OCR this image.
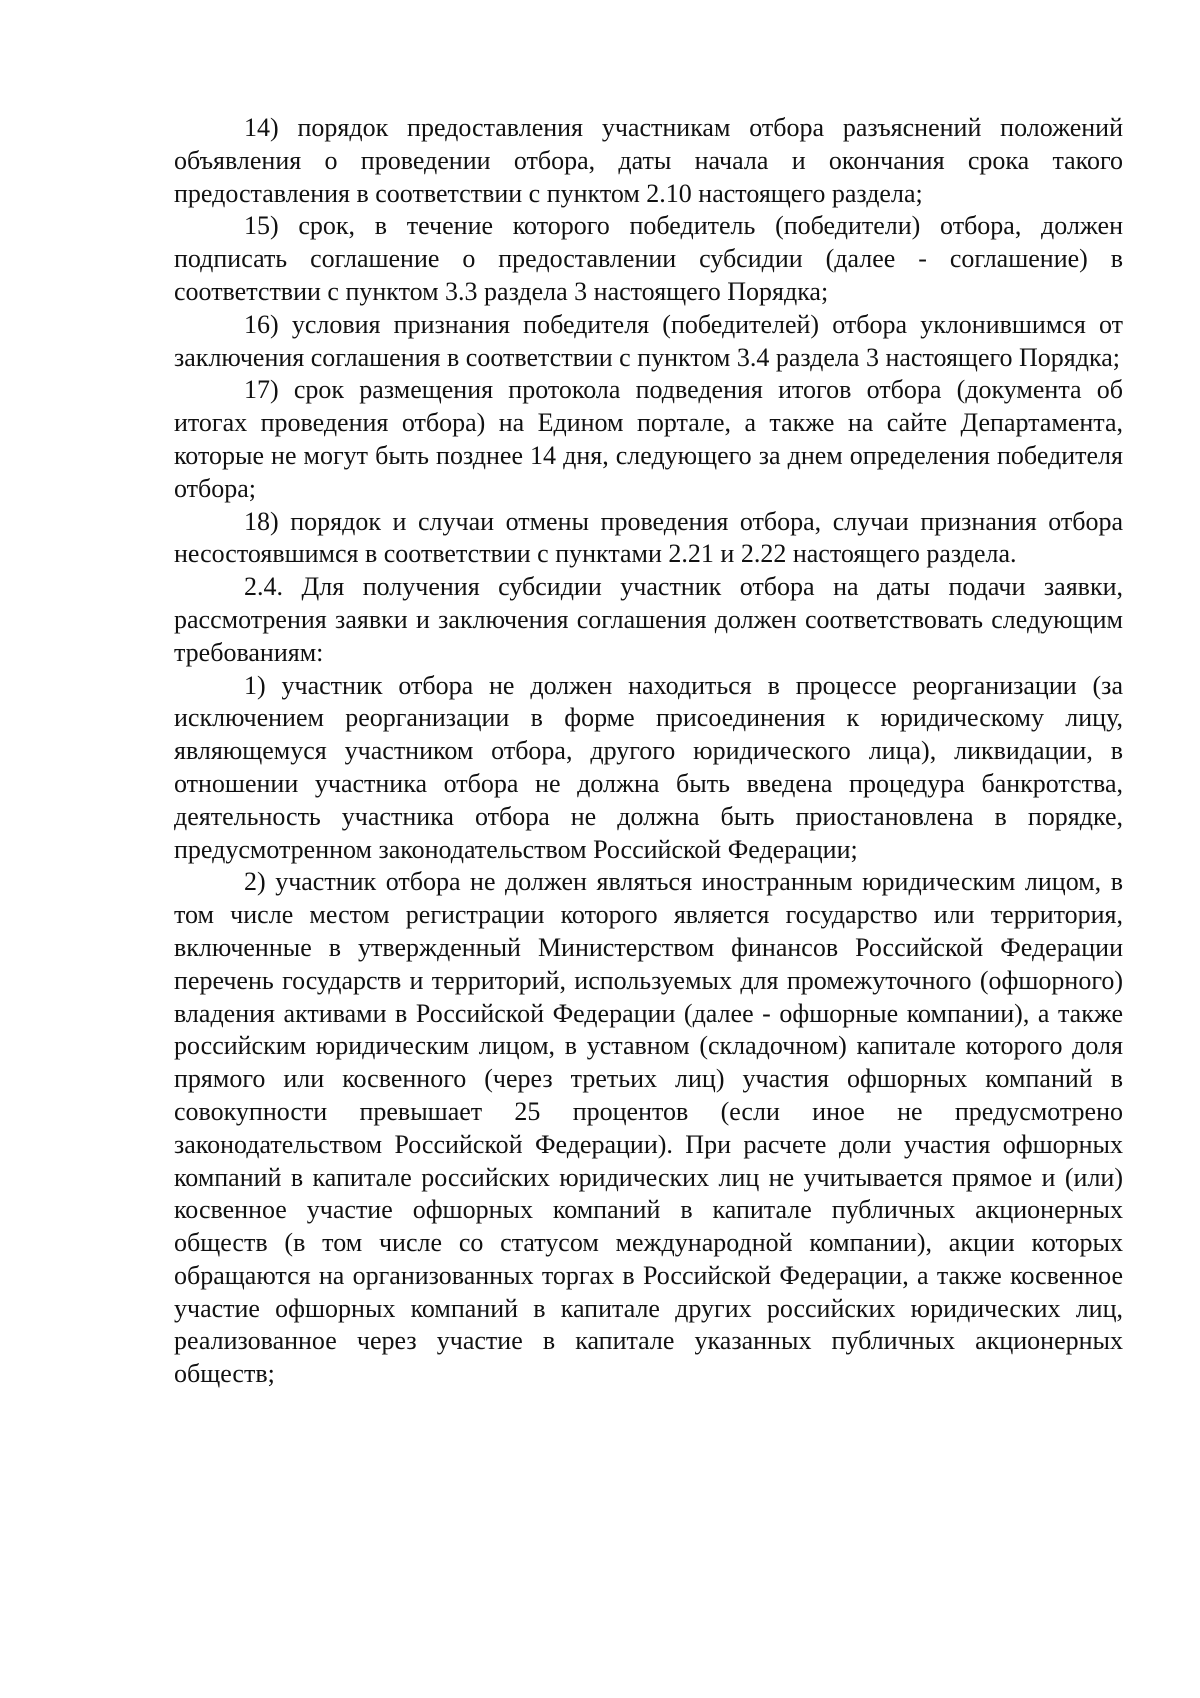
14) порядок предоставления участникам отбора разъяснений положений объявления о проведении отбора, даты начала и окончания срока такого предоставления в соответствии с пунктом 2.10 настоящего раздела;

15) срок, в течение которого победитель (победители) отбора, должен подписать соглашение о предоставлении субсидии (далее - соглашение) в соответствии с пунктом 3.3 раздела 3 настоящего Порядка;

16) условия признания победителя (победителей) отбора уклонившимся от заключения соглашения в соответствии с пунктом 3.4 раздела 3 настоящего Порядка;

17) срок размещения протокола подведения итогов отбора (документа об итогах проведения отбора) на Едином портале, а также на сайте Департамента, которые не могут быть позднее 14 дня, следующего за днем определения победителя отбора;

18) порядок и случаи отмены проведения отбора, случаи признания отбора несостоявшимся в соответствии с пунктами 2.21 и 2.22 настоящего раздела.

2.4. Для получения субсидии участник отбора на даты подачи заявки, рассмотрения заявки и заключения соглашения должен соответствовать следующим требованиям:

1) участник отбора не должен находиться в процессе реорганизации (за исключением реорганизации в форме присоединения к юридическому лицу, являющемуся участником отбора, другого юридического лица), ликвидации, в отношении участника отбора не должна быть введена процедура банкротства, деятельность участника отбора не должна быть приостановлена в порядке, предусмотренном законодательством Российской Федерации;

2) участник отбора не должен являться иностранным юридическим лицом, в том числе местом регистрации которого является государство или территория, включенные в утвержденный Министерством финансов Российской Федерации перечень государств и территорий, используемых для промежуточного (офшорного) владения активами в Российской Федерации (далее - офшорные компании), а также российским юридическим лицом, в уставном (складочном) капитале которого доля прямого или косвенного (через третьих лиц) участия офшорных компаний в совокупности превышает 25 процентов (если иное не предусмотрено законодательством Российской Федерации). При расчете доли участия офшорных компаний в капитале российских юридических лиц не учитывается прямое и (или) косвенное участие офшорных компаний в капитале публичных акционерных обществ (в том числе со статусом международной компании), акции которых обращаются на организованных торгах в Российской Федерации, а также косвенное участие офшорных компаний в капитале других российских юридических лиц, реализованное через участие в капитале указанных публичных акционерных обществ;
